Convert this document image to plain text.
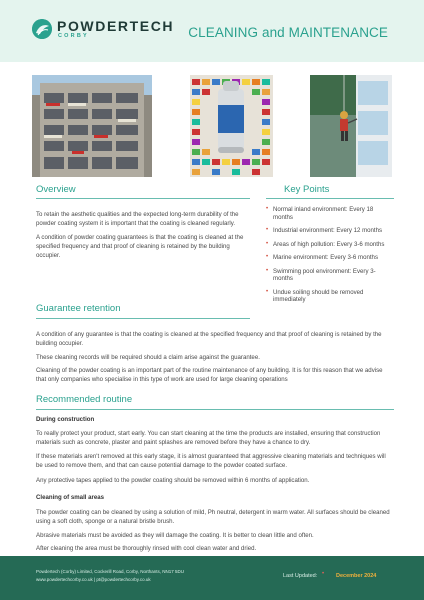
POWDERTECH
CORBY	CLEANING and MAINTENANCE
Overview

To retain the aesthetic qualities and the expected long-term durability of the powder coating system it is important that the coating is cleaned regularly.

A condition of powder coating guarantees is that the coating is cleaned at the specified frequency and that proof of cleaning is retained by the building occupier.

Key Points
• Normal inland environment: Every 18 months
• Industrial environment: Every 12 months
• Areas of high pollution: Every 3-6 months
• Marine environment: Every 3-6 months
• Swimming pool environment: Every 3-months
• Undue soiling should be removed immediately
Guarantee retention

A condition of any guarantee is that the coating is cleaned at the specified frequency and that proof of cleaning is retained by the building occupier.

These cleaning records will be required should a claim arise against the guarantee.

Cleaning of the powder coating is an important part of the routine maintenance of any building. It is for this reason that we advise that only companies who specialise in this type of work are used for large cleaning operations

Recommended routine
During construction

To really protect your product, start early. You can start cleaning at the time the products are installed, ensuring that construction materials such as concrete, plaster and paint splashes are removed before they have a chance to dry.

If these materials aren't removed at this early stage, it is almost guaranteed that aggressive cleaning materials and techniques will be used to remove them, and that can cause potential damage to the powder coated surface.

Any protective tapes applied to the powder coating should be removed within 6 months of application.

Cleaning of small areas

The powder coating can be cleaned by using a solution of mild, Ph neutral, detergent in warm water. All surfaces should be cleaned using a soft cloth, sponge or a natural bristle brush.

Abrasive materials must be avoided as they will damage the coating. It is better to clean little and often.

After cleaning the area must be thoroughly rinsed with cool clean water and dried.

Powdertech (Corby) Limited, Cockerill Road, Corby, Northants, NN17 5DU
www.powdertechcorby.co.uk | pt@powdertechcorby.co.uk
Last Updated: • December 2024
